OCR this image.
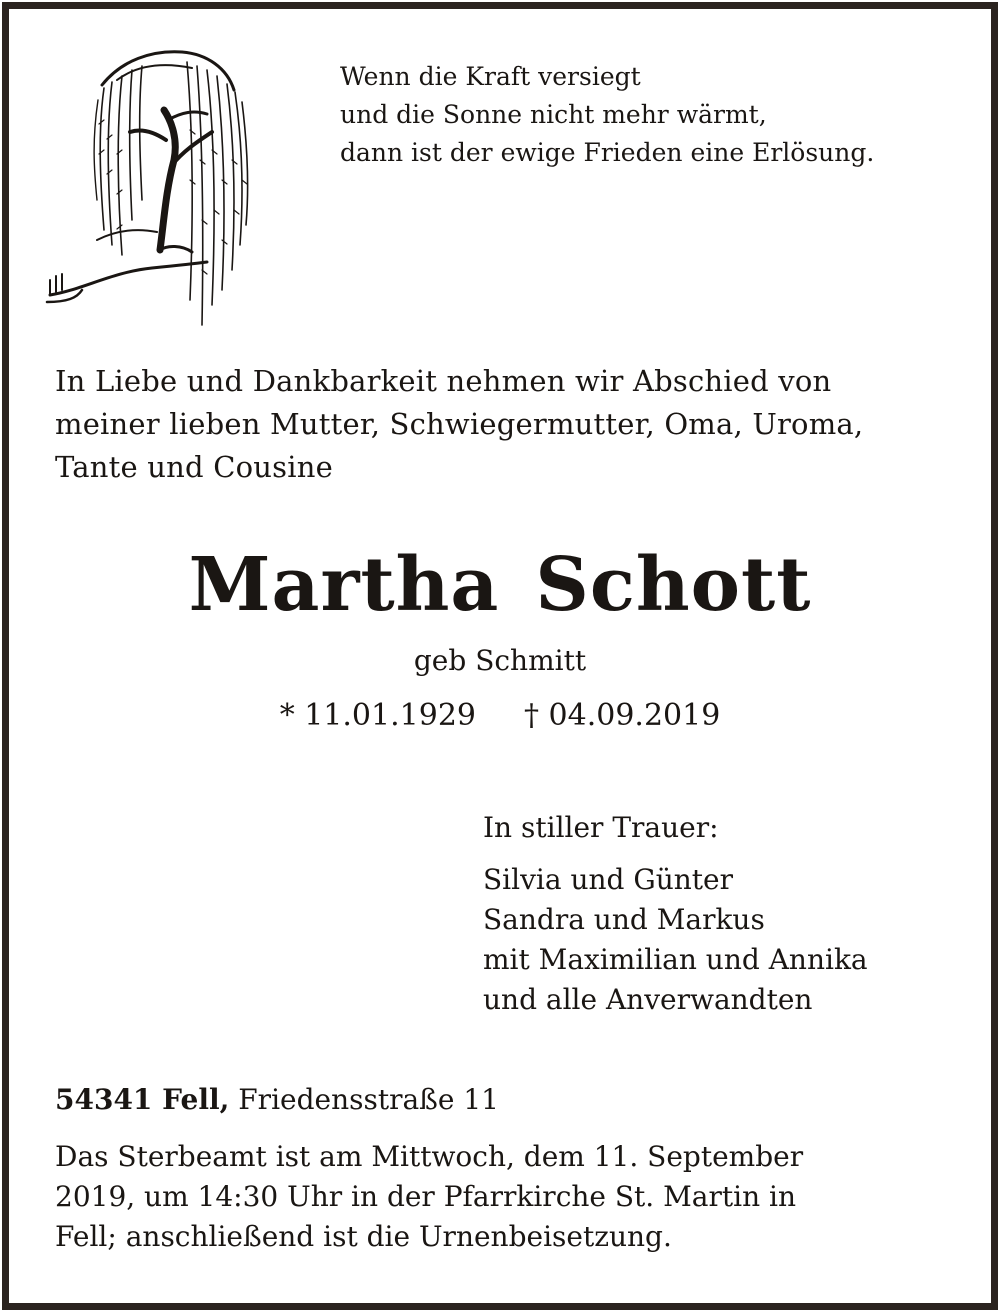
Wenn die Kraft versiegt
und die Sonne nicht mehr wärmt,
dann ist der ewige Frieden eine Erlösung.
In Liebe und Dankbarkeit nehmen wir Abschied von
meiner lieben Mutter, Schwiegermutter, Oma, Uroma,
Tante und Cousine
Martha Schott
geb Schmitt
* 11.01.1929 † 04.09.2019
In stiller Trauer:
Silvia und Günter
Sandra und Markus
mit Maximilian und Annika
und alle Anverwandten
54341 Fell, Friedensstraße 11
Das Sterbeamt ist am Mittwoch, dem 11. September
2019, um 14:30 Uhr in der Pfarrkirche St. Martin in
Fell; anschließend ist die Urnenbeisetzung.
